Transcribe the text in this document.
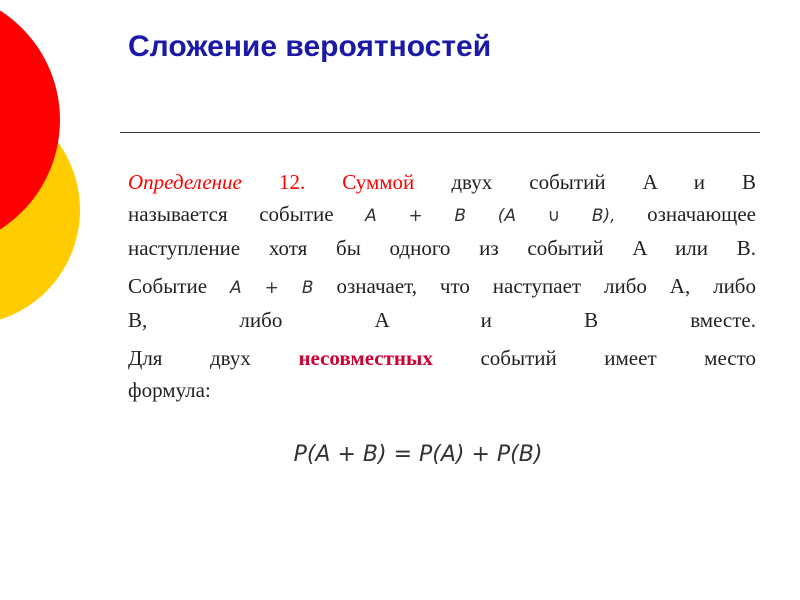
Сложение вероятностей
Определение 12. Суммой двух событий A и B
называется событие A + B (A ∪ B), означающее
наступление хотя бы одного из событий A или B.
Событие A + B означает, что наступает либо A, либо
B, либо A и B вместе.
Для двух несовместных событий имеет место
формула:
P(A + B) = P(A) + P(B)
